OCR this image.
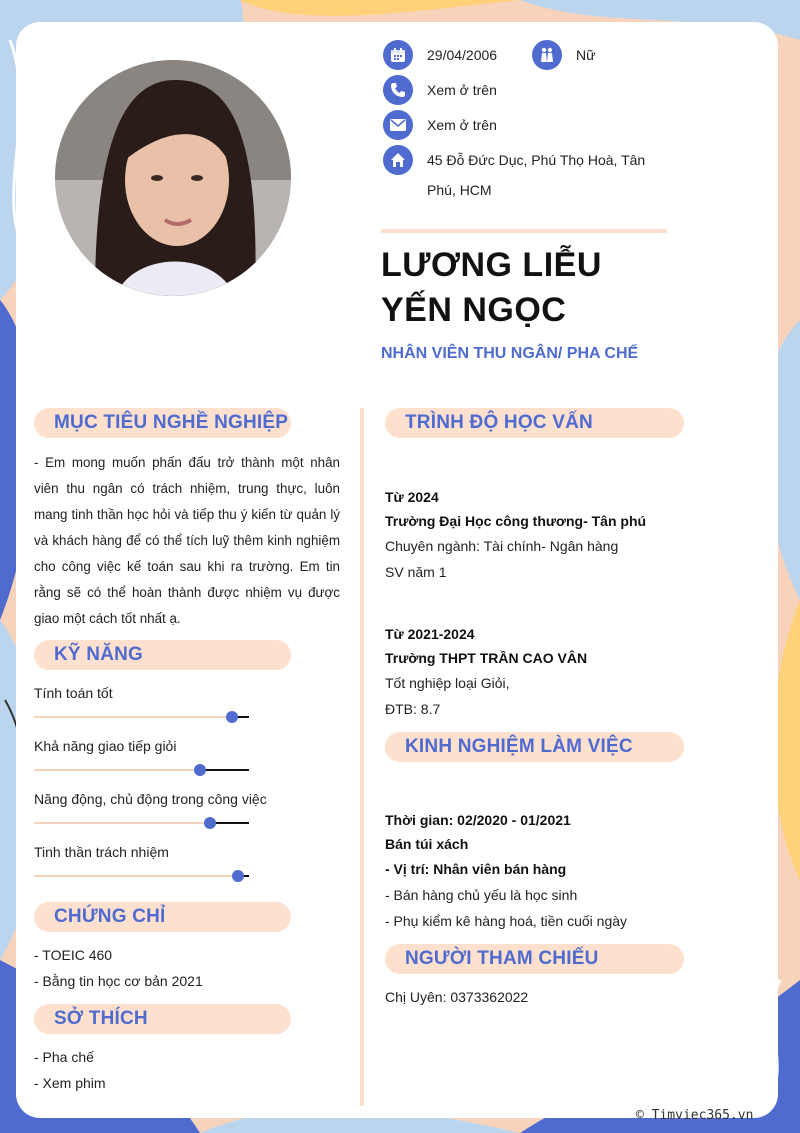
29/04/2006	Nữ
Xem ở trên
Xem ở trên
45 Đỗ Đức Dục, Phú Thọ Hoà, Tân Phú, HCM
LƯƠNG LIỄU
YẾN NGỌC
NHÂN VIÊN THU NGÂN/ PHA CHẾ
MỤC TIÊU NGHỀ NGHIỆP
- Em mong muốn phấn đấu trở thành một nhân viên thu ngân có trách nhiệm, trung thực, luôn mang tinh thần học hỏi và tiếp thu ý kiến từ quản lý và khách hàng để có thể tích luỹ thêm kinh nghiệm cho công việc kế toán sau khi ra trường. Em tin rằng sẽ có thể hoàn thành được nhiệm vụ được giao một cách tốt nhất ạ.
KỸ NĂNG
Tính toán tốt
Khả năng giao tiếp giỏi
Năng động, chủ động trong công việc
Tinh thần trách nhiệm
CHỨNG CHỈ
- TOEIC 460
- Bằng tin học cơ bản 2021
SỞ THÍCH
- Pha chế
- Xem phim
TRÌNH ĐỘ HỌC VẤN
Từ 2024
Trường Đại Học công thương- Tân phú
Chuyên ngành: Tài chính- Ngân hàng
SV năm 1
Từ 2021-2024
Trường THPT TRẦN CAO VÂN
Tốt nghiệp loại Giỏi,
ĐTB: 8.7
KINH NGHIỆM LÀM VIỆC
Thời gian: 02/2020 - 01/2021
Bán túi xách
- Vị trí: Nhân viên bán hàng
- Bán hàng chủ yếu là học sinh
- Phụ kiểm kê hàng hoá, tiền cuối ngày
NGƯỜI THAM CHIẾU
Chị Uyên: 0373362022
© Timviec365.vn
